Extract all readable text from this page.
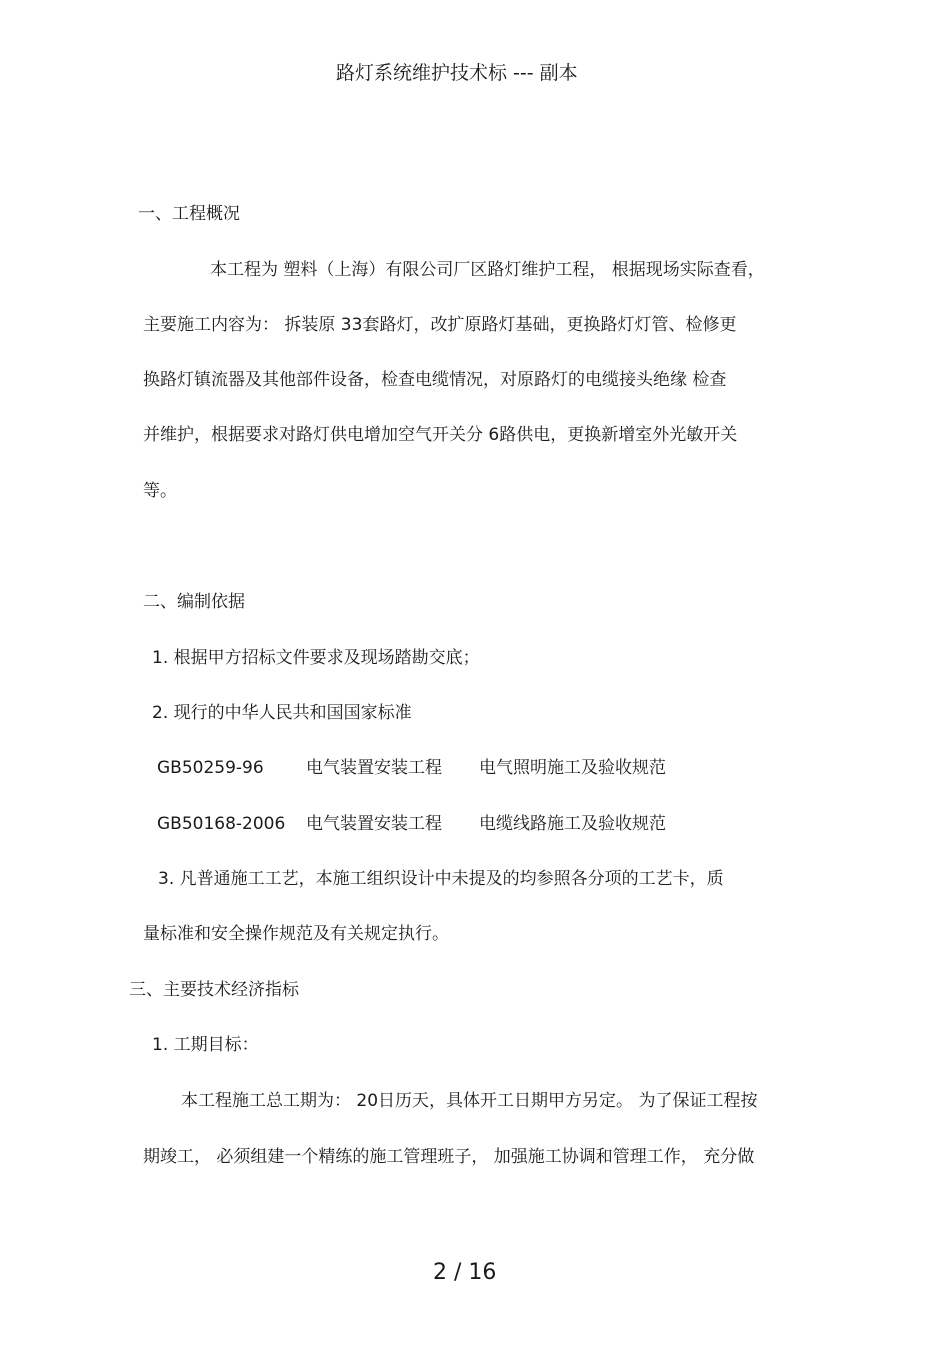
路灯系统维护技术标 --- 副本
一、工程概况
本工程为 塑料（上海）有限公司厂区路灯维护工程， 根据现场实际查看，
主要施工内容为： 拆装原 33套路灯，改扩原路灯基础，更换路灯灯管、检修更
换路灯镇流器及其他部件设备，检查电缆情况，对原路灯的电缆接头绝缘 检查
并维护，根据要求对路灯供电增加空气开关分 6路供电，更换新增室外光敏开关
等。
二、编制依据
1. 根据甲方招标文件要求及现场踏勘交底；
2. 现行的中华人民共和国国家标准
GB50259-96 电气装置安装工程 电气照明施工及验收规范
GB50168-2006 电气装置安装工程 电缆线路施工及验收规范
3. 凡普通施工工艺，本施工组织设计中未提及的均参照各分项的工艺卡，质
量标准和安全操作规范及有关规定执行。
三、主要技术经济指标
1. 工期目标：
本工程施工总工期为： 20日历天，具体开工日期甲方另定。 为了保证工程按
期竣工， 必须组建一个精练的施工管理班子， 加强施工协调和管理工作， 充分做
2 / 16
